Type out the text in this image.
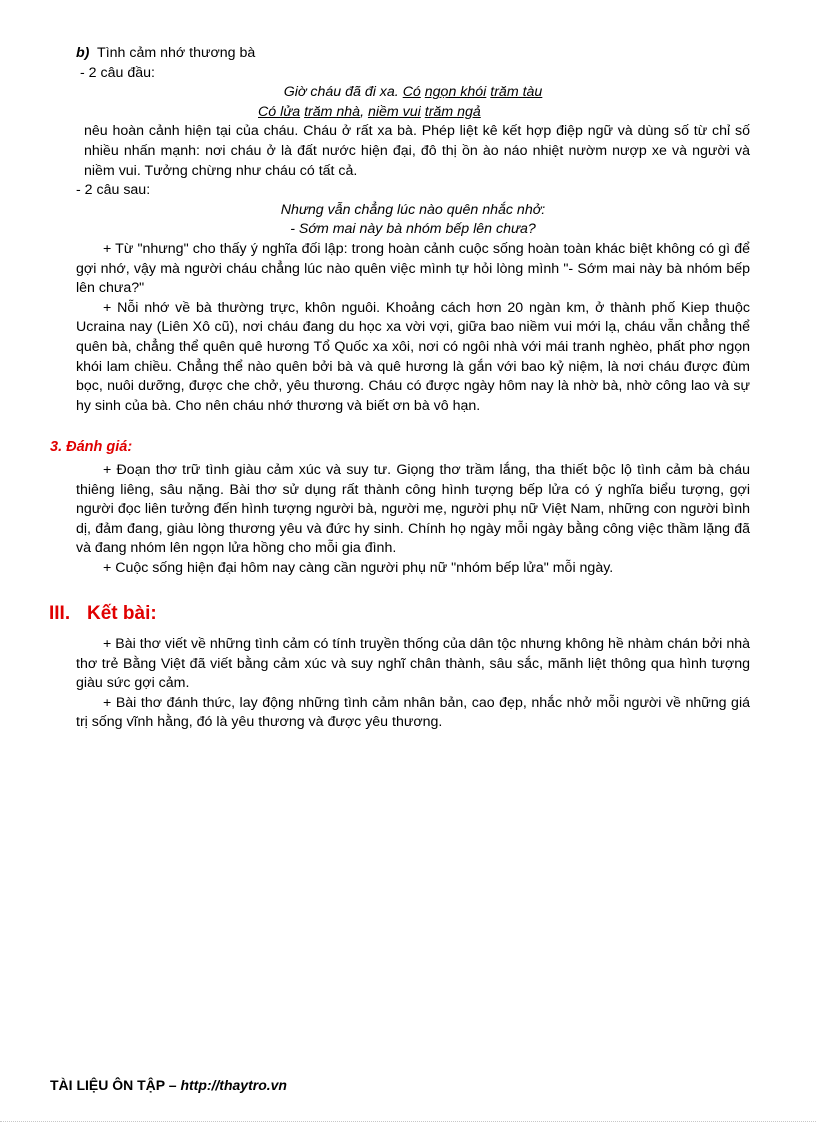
b) Tình cảm nhớ thương bà

- 2 câu đầu:

Giờ cháu đã đi xa. Có ngọn khói trăm tàu

Có lửa trăm nhà, niềm vui trăm ngả

nêu hoàn cảnh hiện tại của cháu. Cháu ở rất xa bà. Phép liệt kê kết hợp điệp ngữ và dùng số từ chỉ số nhiều nhấn mạnh: nơi cháu ở là đất nước hiện đại, đô thị ồn ào náo nhiệt nườm nượp xe và người và niềm vui. Tưởng chừng như cháu có tất cả.

- 2 câu sau:

Nhưng vẫn chẳng lúc nào quên nhắc nhở:

- Sớm mai này bà nhóm bếp lên chưa?

+ Từ "nhưng" cho thấy ý nghĩa đối lập: trong hoàn cảnh cuộc sống hoàn toàn khác biệt không có gì để gợi nhớ, vậy mà người cháu chẳng lúc nào quên việc mình tự hỏi lòng mình "- Sớm mai này bà nhóm bếp lên chưa?"

+ Nỗi nhớ về bà thường trực, khôn nguôi. Khoảng cách hơn 20 ngàn km, ở thành phố Kiep thuộc Ucraina nay (Liên Xô cũ), nơi cháu đang du học xa vời vợi, giữa bao niềm vui mới lạ, cháu vẫn chẳng thể quên bà, chẳng thể quên quê hương Tổ Quốc xa xôi, nơi có ngôi nhà với mái tranh nghèo, phất phơ ngọn khói lam chiều. Chẳng thể nào quên bởi bà và quê hương là gắn với bao kỷ niệm, là nơi cháu được đùm bọc, nuôi dưỡng, được che chở, yêu thương. Cháu có được ngày hôm nay là nhờ bà, nhờ công lao và sự hy sinh của bà. Cho nên cháu nhớ thương và biết ơn bà vô hạn.

3. Đánh giá:

+ Đoạn thơ trữ tình giàu cảm xúc và suy tư. Giọng thơ trầm lắng, tha thiết bộc lộ tình cảm bà cháu thiêng liêng, sâu nặng. Bài thơ sử dụng rất thành công hình tượng bếp lửa có ý nghĩa biểu tượng, gợi người đọc liên tưởng đến hình tượng người bà, người mẹ, người phụ nữ Việt Nam, những con người bình dị, đảm đang, giàu lòng thương yêu và đức hy sinh. Chính họ ngày mỗi ngày bằng công việc thầm lặng đã và đang nhóm lên ngọn lửa hồng cho mỗi gia đình.

+ Cuộc sống hiện đại hôm nay càng cần người phụ nữ "nhóm bếp lửa" mỗi ngày.

III. Kết bài:

+ Bài thơ viết về những tình cảm có tính truyền thống của dân tộc nhưng không hề nhàm chán bởi nhà thơ trẻ Bằng Việt đã viết bằng cảm xúc và suy nghĩ chân thành, sâu sắc, mãnh liệt thông qua hình tượng giàu sức gợi cảm.

+ Bài thơ đánh thức, lay động những tình cảm nhân bản, cao đẹp, nhắc nhở mỗi người về những giá trị sống vĩnh hằng, đó là yêu thương và được yêu thương.

TÀI LIỆU ÔN TẬP – http://thaytro.vn
